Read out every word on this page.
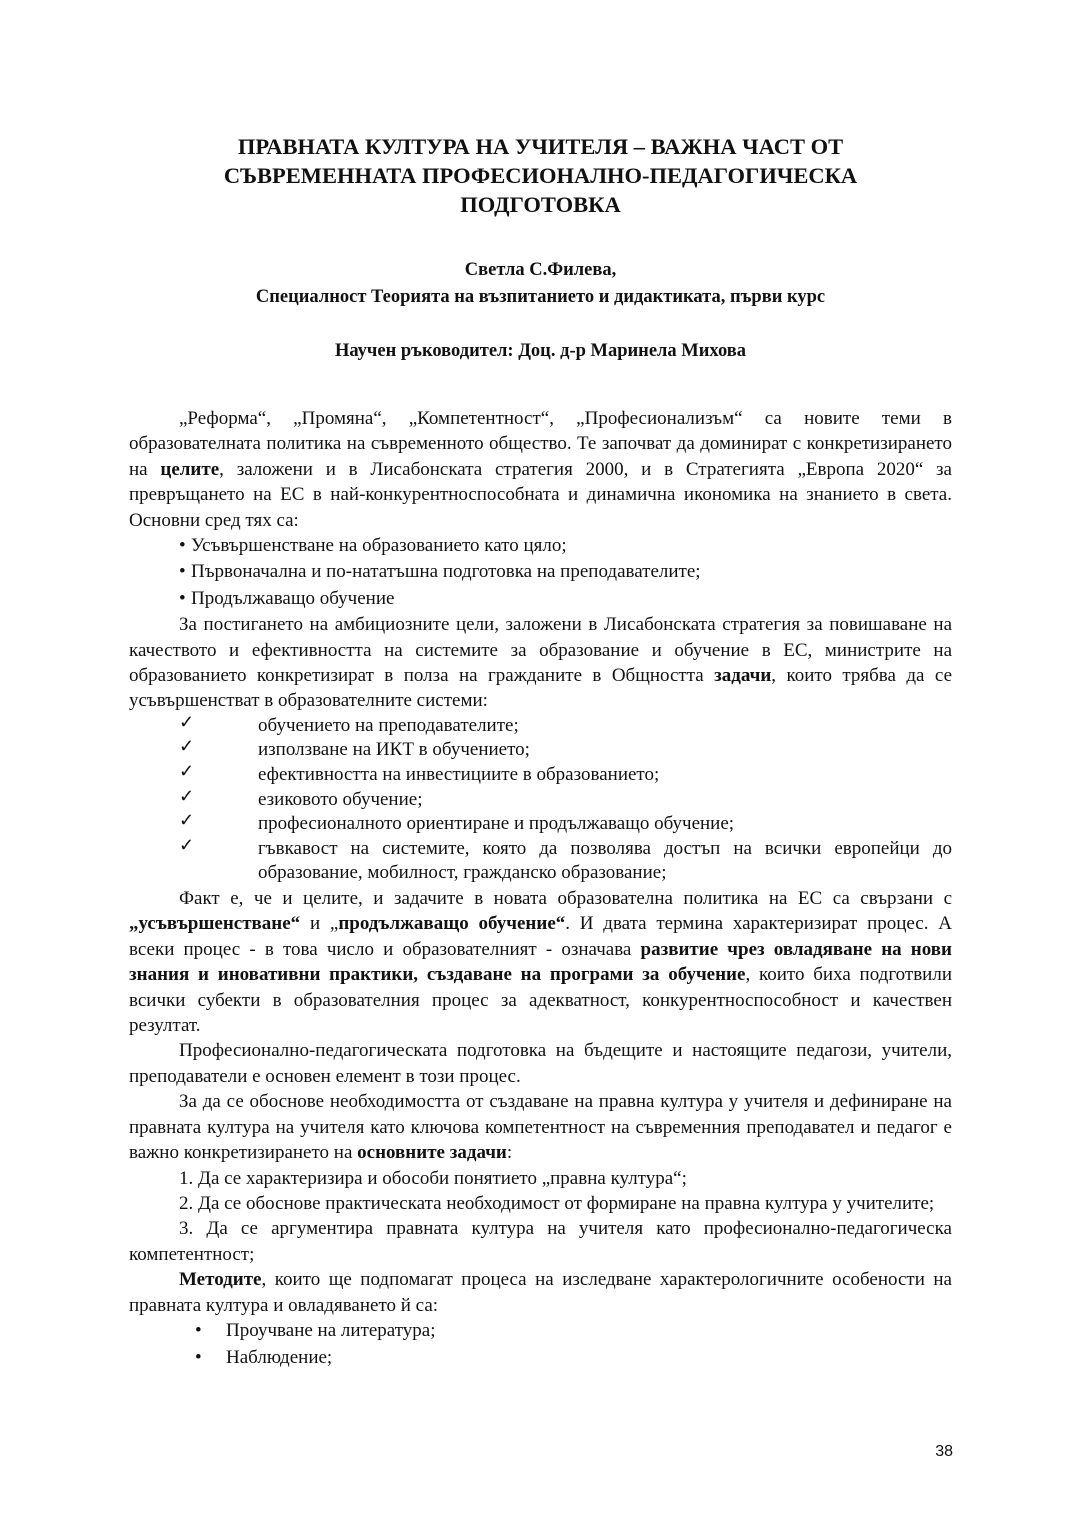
ПРАВНАТА КУЛТУРА НА УЧИТЕЛЯ – ВАЖНА ЧАСТ ОТ
СЪВРЕМЕННАТА ПРОФЕСИОНАЛНО-ПЕДАГОГИЧЕСКА
ПОДГОТОВКА

Светла С.Филева,

Специалност Теорията на възпитанието и дидактиката, първи курс

Научен ръководител: Доц. д-р Маринела Михова

„Реформа“, „Промяна“, „Компетентност“, „Професионализъм“ са новите теми в образователната политика на съвременното общество. Те започват да доминират с конкретизирането на целите, заложени и в Лисабонската стратегия 2000, и в Стратегията „Европа 2020“ за превръщането на ЕС в най-конкурентноспособната и динамична икономика на знанието в света. Основни сред тях са:

• Усъвършенстване на образованието като цяло;
• Първоначална и по-нататъшна подготовка на преподавателите;
• Продължаващо обучение

За постигането на амбициозните цели, заложени в Лисабонската стратегия за повишаване на качеството и ефективността на системите за образование и обучение в ЕС, министрите на образованието конкретизират в полза на гражданите в Общността задачи, които трябва да се усъвършенстват в образователните системи:

✓	обучението на преподавателите;
✓	използване на ИКТ в обучението;
✓	ефективността на инвестициите в образованието;
✓	езиковото обучение;
✓	професионалното ориентиране и продължаващо обучение;
✓	гъвкавост на системите, която да позволява достъп на всички европейци до образование, мобилност, гражданско образование;

Факт е, че и целите, и задачите в новата образователна политика на ЕС са свързани с „усъвършенстване“ и „продължаващо обучение“. И двата термина характеризират процес. А всеки процес - в това число и образователният - означава развитие чрез овладяване на нови знания и иновативни практики, създаване на програми за обучение, които биха подготвили всички субекти в образователния процес за адекватност, конкурентноспособност и качествен резултат.

Професионално-педагогическата подготовка на бъдещите и настоящите педагози, учители, преподаватели е основен елемент в този процес.

За да се обоснове необходимостта от създаване на правна култура у учителя и дефиниране на правната култура на учителя като ключова компетентност на съвременния преподавател и педагог е важно конкретизирането на основните задачи:

1. Да се характеризира и обособи понятието „правна култура“;

2. Да се обоснове практическата необходимост от формиране на правна култура у учителите;

3. Да се аргументира правната култура на учителя като професионално-педагогическа компетентност;

Методите, които ще подпомагат процеса на изследване характерологичните особености на правната култура и овладяването й са:

• Проучване на литература;
• Наблюдение;
38
